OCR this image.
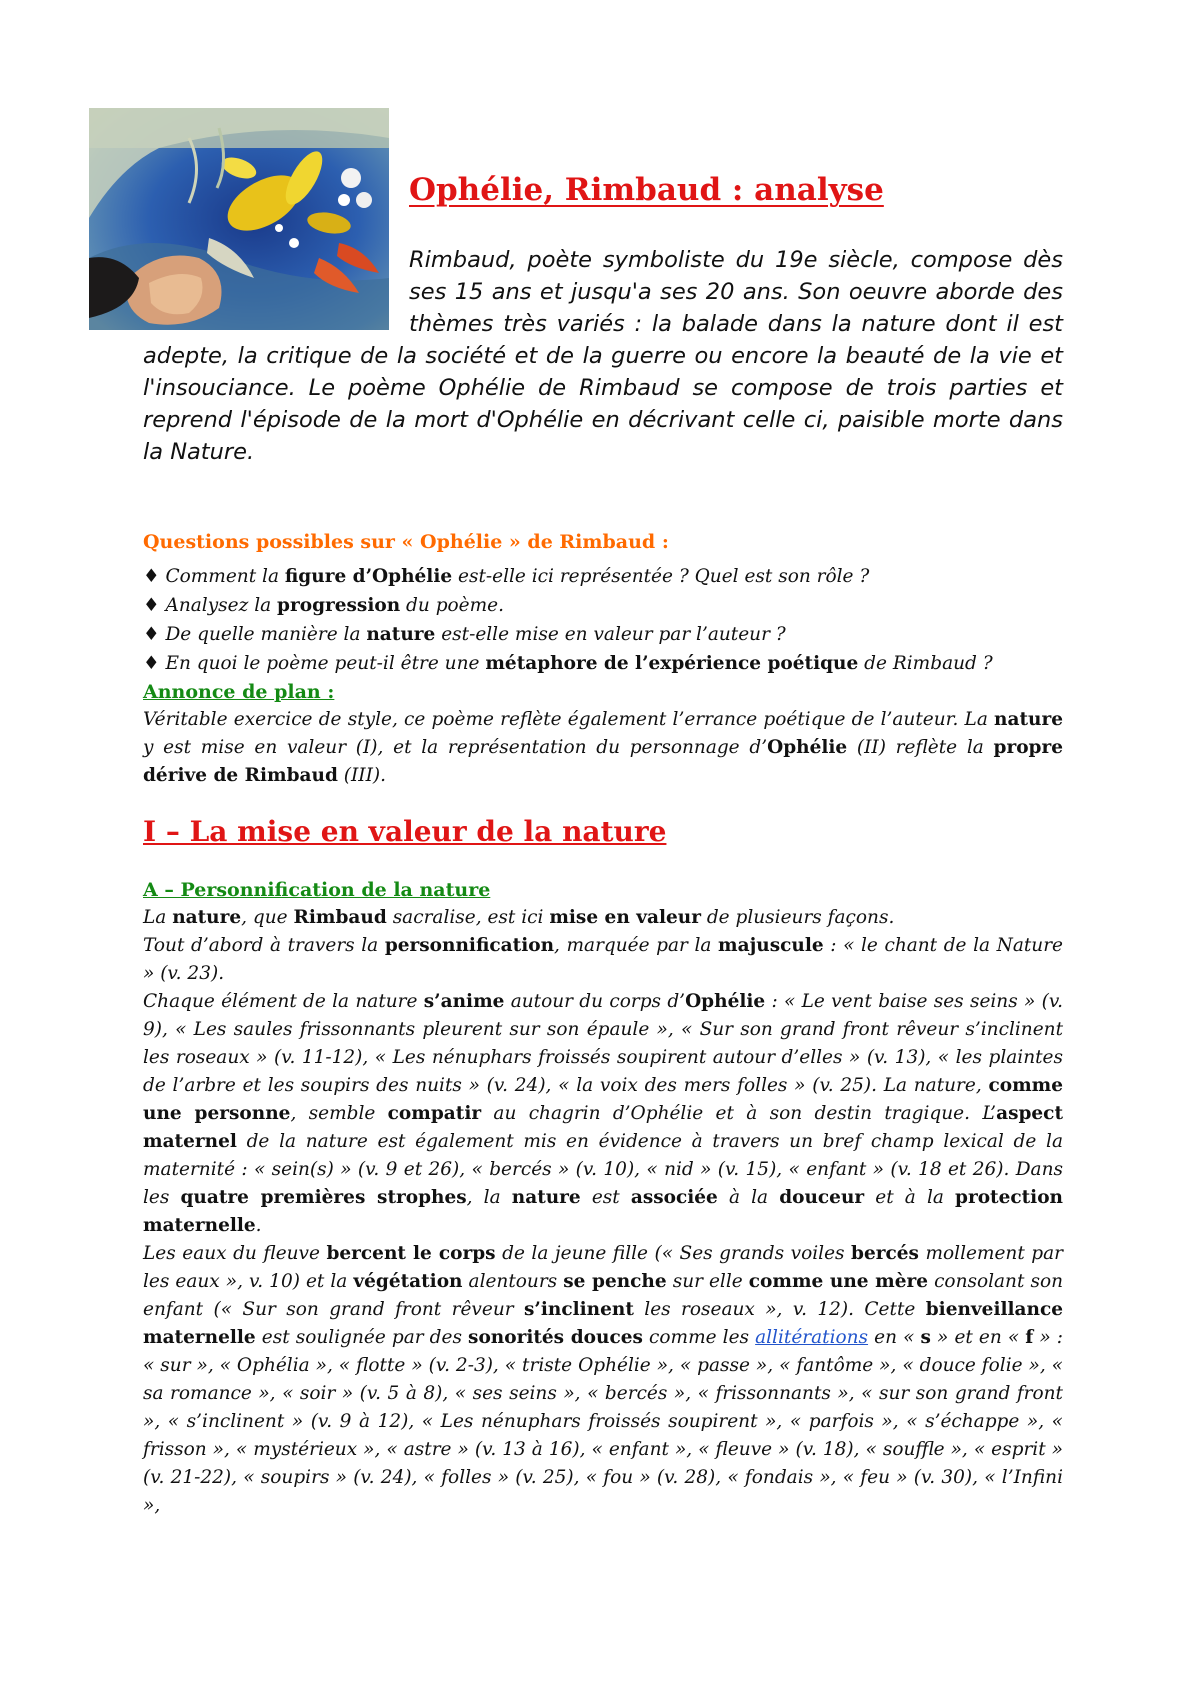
Ophélie, Rimbaud : analyse
Rimbaud, poète symboliste du 19e siècle, compose dès ses 15 ans et jusqu'a ses 20 ans. Son oeuvre aborde des thèmes très variés : la balade dans la nature dont il est adepte, la critique de la société et de la guerre ou encore la beauté de la vie et l'insouciance. Le poème Ophélie de Rimbaud se compose de trois parties et reprend l'épisode de la mort d'Ophélie en décrivant celle ci, paisible morte dans la Nature.

Questions possibles sur « Ophélie » de Rimbaud :

♦ Comment la figure d’Ophélie est-elle ici représentée ? Quel est son rôle ?

♦ Analysez la progression du poème.

♦ De quelle manière la nature est-elle mise en valeur par l’auteur ?

♦ En quoi le poème peut-il être une métaphore de l’expérience poétique de Rimbaud ?

Annonce de plan :

Véritable exercice de style, ce poème reflète également l’errance poétique de l’auteur. La nature y est mise en valeur (I), et la représentation du personnage d’Ophélie (II) reflète la propre dérive de Rimbaud (III).

I – La mise en valeur de la nature

A – Personnification de la nature

La nature, que Rimbaud sacralise, est ici mise en valeur de plusieurs façons.

Tout d’abord à travers la personnification, marquée par la majuscule : « le chant de la Nature » (v. 23).

Chaque élément de la nature s’anime autour du corps d’Ophélie : « Le vent baise ses seins » (v. 9), « Les saules frissonnants pleurent sur son épaule », « Sur son grand front rêveur s’inclinent les roseaux » (v. 11-12), « Les nénuphars froissés soupirent autour d’elles » (v. 13), « les plaintes de l’arbre et les soupirs des nuits » (v. 24), « la voix des mers folles » (v. 25). La nature, comme une personne, semble compatir au chagrin d’Ophélie et à son destin tragique. L’aspect maternel de la nature est également mis en évidence à travers un bref champ lexical de la maternité : « sein(s) » (v. 9 et 26), « bercés » (v. 10), « nid » (v. 15), « enfant » (v. 18 et 26). Dans les quatre premières strophes, la nature est associée à la douceur et à la protection maternelle.

Les eaux du fleuve bercent le corps de la jeune fille (« Ses grands voiles bercés mollement par les eaux », v. 10) et la végétation alentours se penche sur elle comme une mère consolant son enfant (« Sur son grand front rêveur s’inclinent les roseaux », v. 12). Cette bienveillance maternelle est soulignée par des sonorités douces comme les allitérations en « s » et en « f » : « sur », « Ophélia », « flotte » (v. 2-3), « triste Ophélie », « passe », « fantôme », « douce folie », « sa romance », « soir » (v. 5 à 8), « ses seins », « bercés », « frissonnants », « sur son grand front », « s’inclinent » (v. 9 à 12), « Les nénuphars froissés soupirent », « parfois », « s’échappe », « frisson », « mystérieux », « astre » (v. 13 à 16), « enfant », « fleuve » (v. 18), « souffle », « esprit » (v. 21-22), « soupirs » (v. 24), « folles » (v. 25), « fou » (v. 28), « fondais », « feu » (v. 30), « l’Infini »,
